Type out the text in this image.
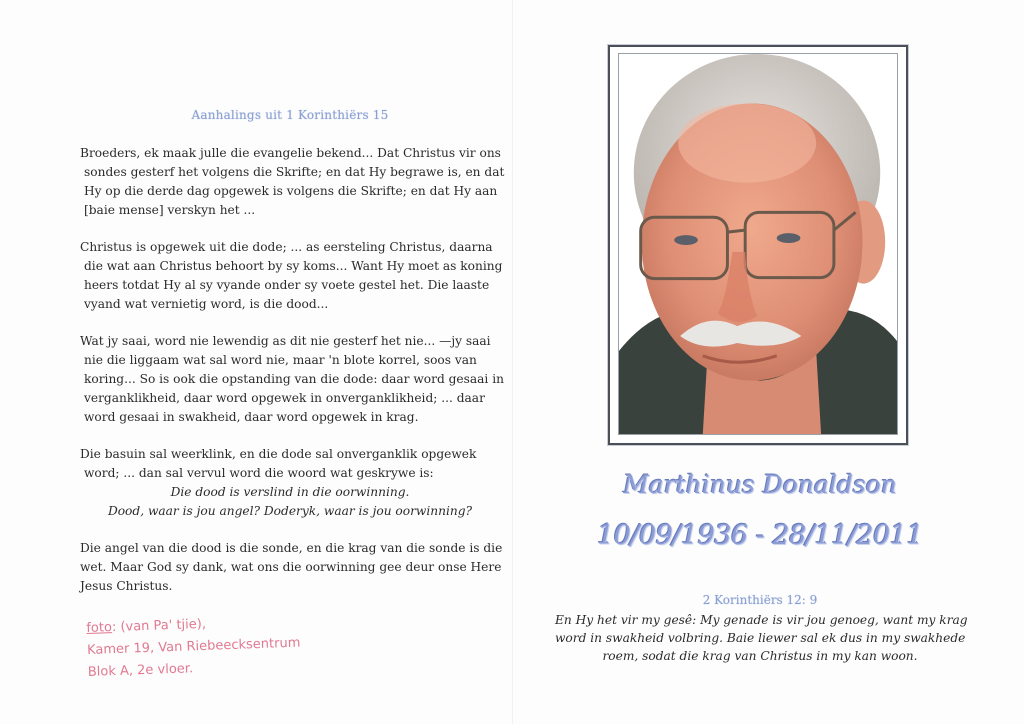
Aanhalings uit 1 Korinthiërs 15
Broeders, ek maak julle die evangelie bekend... Dat Christus vir ons
sondes gesterf het volgens die Skrifte; en dat Hy begrawe is, en dat
Hy op die derde dag opgewek is volgens die Skrifte; en dat Hy aan
[baie mense] verskyn het ...
Christus is opgewek uit die dode; ... as eersteling Christus, daarna
die wat aan Christus behoort by sy koms... Want Hy moet as koning
heers totdat Hy al sy vyande onder sy voete gestel het. Die laaste
vyand wat vernietig word, is die dood...
Wat jy saai, word nie lewendig as dit nie gesterf het nie... —jy saai
nie die liggaam wat sal word nie, maar 'n blote korrel, soos van
koring... So is ook die opstanding van die dode: daar word gesaai in
verganklikheid, daar word opgewek in onverganklikheid; ... daar
word gesaai in swakheid, daar word opgewek in krag.
Die basuin sal weerklink, en die dode sal onverganklik opgewek
word; ... dan sal vervul word die woord wat geskrywe is:
Die dood is verslind in die oorwinning.
Dood, waar is jou angel? Doderyk, waar is jou oorwinning?
Die angel van die dood is die sonde, en die krag van die sonde is die
wet. Maar God sy dank, wat ons die oorwinning gee deur onse Here
Jesus Christus.
foto: (van Pa' tjie),
Kamer 19, Van Riebeecksentrum
Blok A, 2e vloer.
Marthinus Donaldson
10/09/1936 - 28/11/2011
2 Korinthiërs 12: 9
En Hy het vir my gesê: My genade is vir jou genoeg, want my krag
word in swakheid volbring. Baie liewer sal ek dus in my swakhede
roem, sodat die krag van Christus in my kan woon.
